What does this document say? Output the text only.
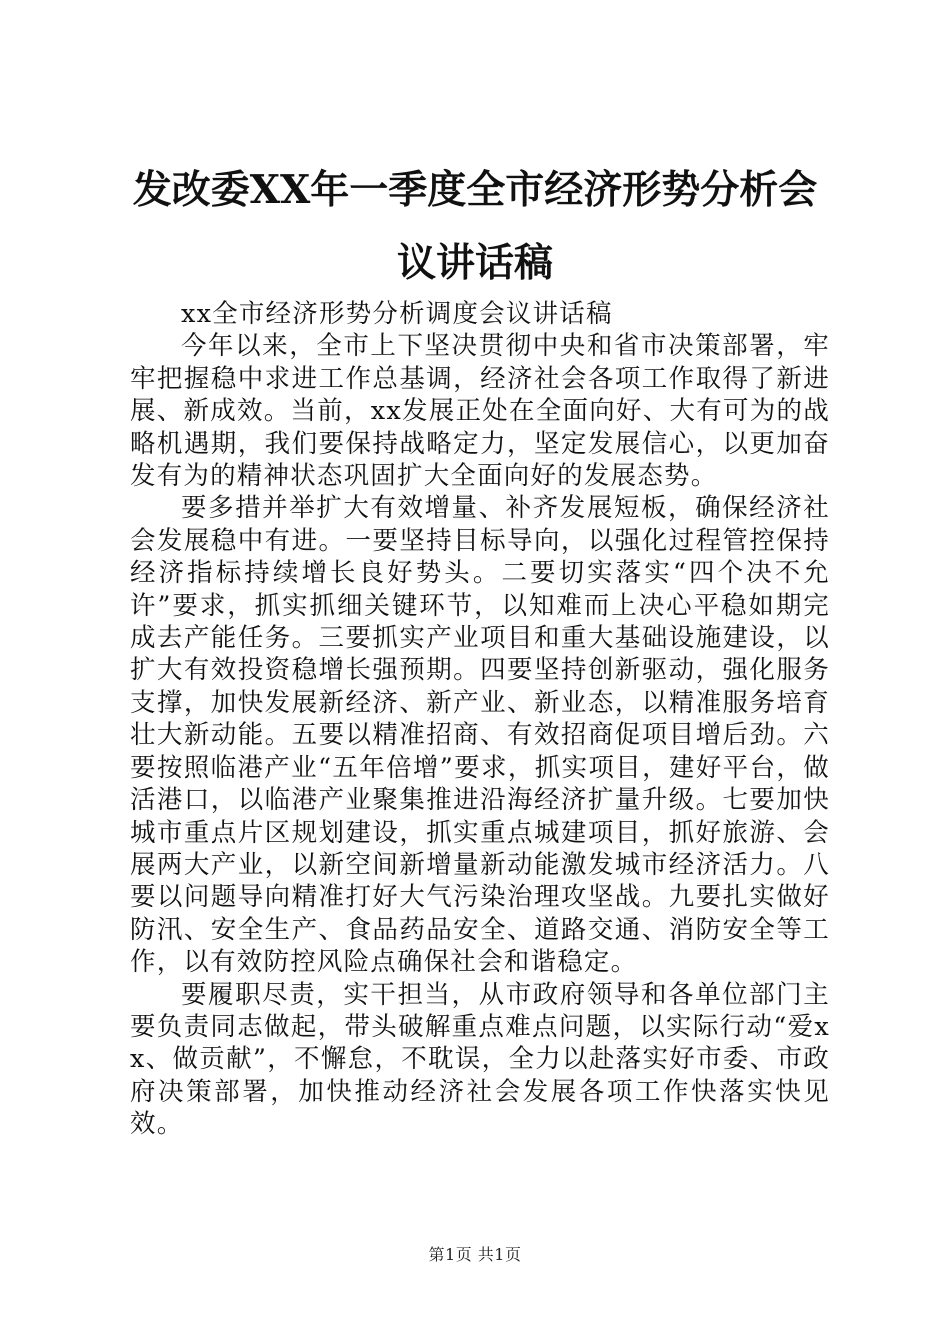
发改委XX年一季度全市经济形势分析会议讲话稿

xx全市经济形势分析调度会议讲话稿

今年以来，全市上下坚决贯彻中央和省市决策部署，牢牢把握稳中求进工作总基调，经济社会各项工作取得了新进展、新成效。当前，xx发展正处在全面向好、大有可为的战略机遇期，我们要保持战略定力，坚定发展信心，以更加奋发有为的精神状态巩固扩大全面向好的发展态势。

要多措并举扩大有效增量、补齐发展短板，确保经济社会发展稳中有进。一要坚持目标导向，以强化过程管控保持经济指标持续增长良好势头。二要切实落实“四个决不允许”要求，抓实抓细关键环节，以知难而上决心平稳如期完成去产能任务。三要抓实产业项目和重大基础设施建设，以扩大有效投资稳增长强预期。四要坚持创新驱动，强化服务支撑，加快发展新经济、新产业、新业态，以精准服务培育壮大新动能。五要以精准招商、有效招商促项目增后劲。六要按照临港产业“五年倍增”要求，抓实项目，建好平台，做活港口，以临港产业聚集推进沿海经济扩量升级。七要加快城市重点片区规划建设，抓实重点城建项目，抓好旅游、会展两大产业，以新空间新增量新动能激发城市经济活力。八要以问题导向精准打好大气污染治理攻坚战。九要扎实做好防汛、安全生产、食品药品安全、道路交通、消防安全等工作，以有效防控风险点确保社会和谐稳定。

要履职尽责，实干担当，从市政府领导和各单位部门主要负责同志做起，带头破解重点难点问题，以实际行动“爱xx、做贡献”，不懈怠，不耽误，全力以赴落实好市委、市政府决策部署，加快推动经济社会发展各项工作快落实快见效。

第1页 共1页
